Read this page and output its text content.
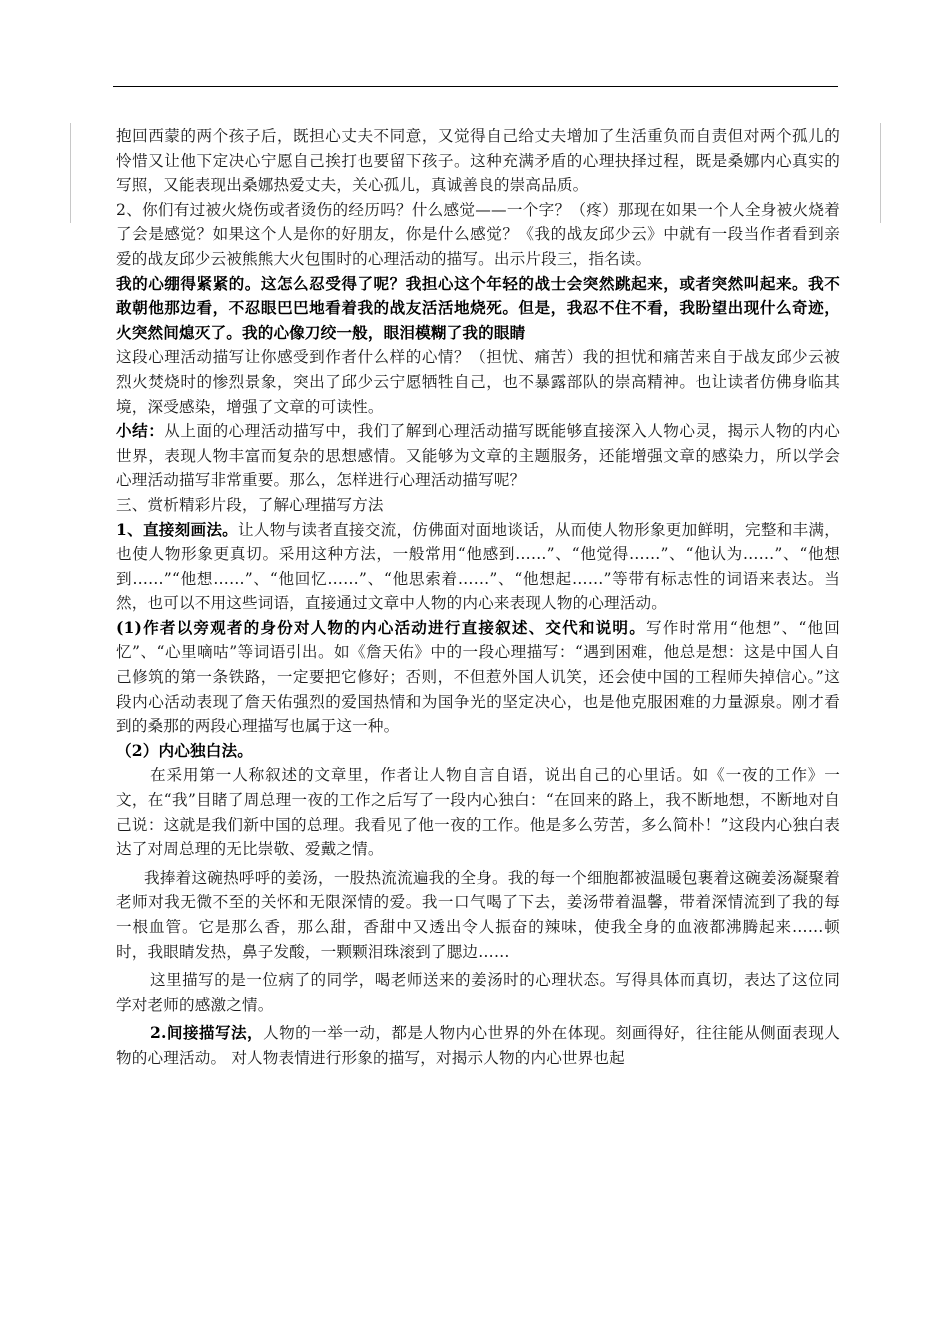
抱回西蒙的两个孩子后，既担心丈夫不同意，又觉得自己给丈夫增加了生活重负而自责但对两个孤儿的怜惜又让他下定决心宁愿自己挨打也要留下孩子。这种充满矛盾的心理抉择过程，既是桑娜内心真实的写照，又能表现出桑娜热爱丈夫，关心孤儿，真诚善良的崇高品质。

2、你们有过被火烧伤或者烫伤的经历吗？什么感觉——一个字？（疼）那现在如果一个人全身被火烧着了会是感觉？如果这个人是你的好朋友，你是什么感觉？《我的战友邱少云》中就有一段当作者看到亲爱的战友邱少云被熊熊大火包围时的心理活动的描写。出示片段三，指名读。

我的心绷得紧紧的。这怎么忍受得了呢？我担心这个年轻的战士会突然跳起来，或者突然叫起来。我不敢朝他那边看，不忍眼巴巴地看着我的战友活活地烧死。但是，我忍不住不看，我盼望出现什么奇迹，火突然间熄灭了。我的心像刀绞一般，眼泪模糊了我的眼睛

这段心理活动描写让你感受到作者什么样的心情？（担忧、痛苦）我的担忧和痛苦来自于战友邱少云被烈火焚烧时的惨烈景象，突出了邱少云宁愿牺牲自己，也不暴露部队的崇高精神。也让读者仿佛身临其境，深受感染，增强了文章的可读性。

小结：从上面的心理活动描写中，我们了解到心理活动描写既能够直接深入人物心灵，揭示人物的内心世界，表现人物丰富而复杂的思想感情。又能够为文章的主题服务，还能增强文章的感染力，所以学会心理活动描写非常重要。那么，怎样进行心理活动描写呢？

三、赏析精彩片段，了解心理描写方法

1、直接刻画法。让人物与读者直接交流，仿佛面对面地谈话，从而使人物形象更加鲜明，完整和丰满，也使人物形象更真切。采用这种方法，一般常用“他感到……”、“他觉得……”、“他认为……”、“他想到……”“他想……”、“他回忆……”、“他思索着……”、“他想起……”等带有标志性的词语来表达。当然，也可以不用这些词语，直接通过文章中人物的内心来表现人物的心理活动。

(1)作者以旁观者的身份对人物的内心活动进行直接叙述、交代和说明。写作时常用“他想”、“他回忆”、“心里嘀咕”等词语引出。如《詹天佑》中的一段心理描写：“遇到困难，他总是想：这是中国人自己修筑的第一条铁路，一定要把它修好；否则，不但惹外国人讥笑，还会使中国的工程师失掉信心。”这段内心活动表现了詹天佑强烈的爱国热情和为国争光的坚定决心，也是他克服困难的力量源泉。刚才看到的桑那的两段心理描写也属于这一种。

（2）内心独白法。

在采用第一人称叙述的文章里，作者让人物自言自语，说出自己的心里话。如《一夜的工作》一文，在“我”目睹了周总理一夜的工作之后写了一段内心独白：“在回来的路上，我不断地想，不断地对自己说：这就是我们新中国的总理。我看见了他一夜的工作。他是多么劳苦，多么简朴！”这段内心独白表达了对周总理的无比崇敬、爱戴之情。

我捧着这碗热呼呼的姜汤，一股热流流遍我的全身。我的每一个细胞都被温暖包裹着这碗姜汤凝聚着老师对我无微不至的关怀和无限深情的爱。我一口气喝了下去，姜汤带着温馨，带着深情流到了我的每一根血管。它是那么香，那么甜，香甜中又透出令人振奋的辣味，使我全身的血液都沸腾起来……顿时，我眼睛发热，鼻子发酸，一颗颗泪珠滚到了腮边……

这里描写的是一位病了的同学，喝老师送来的姜汤时的心理状态。写得具体而真切，表达了这位同学对老师的感激之情。

2.间接描写法，人物的一举一动，都是人物内心世界的外在体现。刻画得好，往往能从侧面表现人物的心理活动。 对人物表情进行形象的描写，对揭示人物的内心世界也起
